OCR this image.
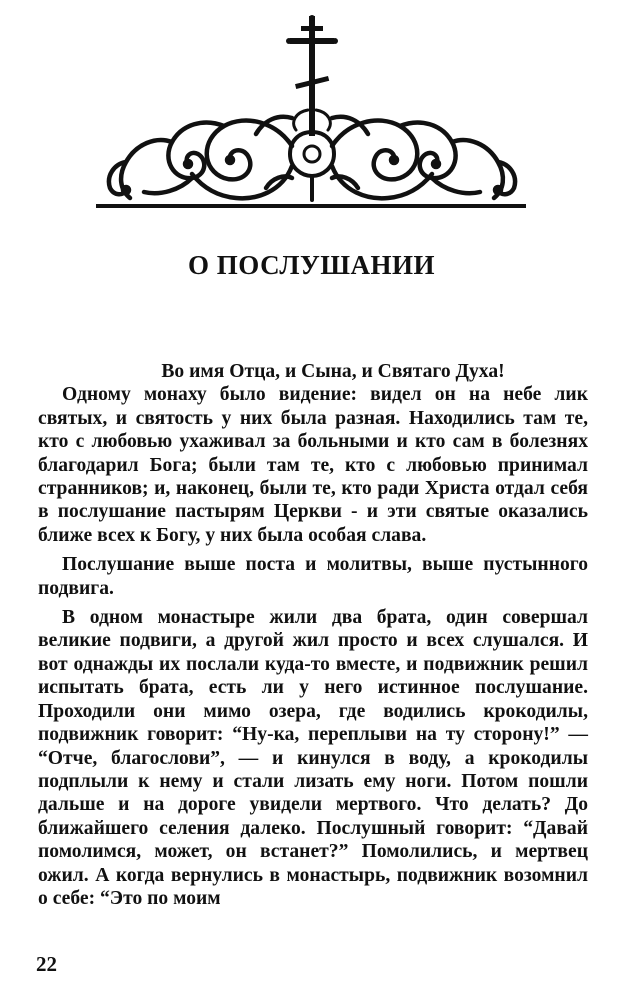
О ПОСЛУШАНИИ

Во имя Отца, и Сына, и Святаго Духа!

Одному монаху было видение: видел он на небе лик святых, и святость у них была разная. Находились там те, кто с любовью ухаживал за больными и кто сам в болезнях благодарил Бога; были там те, кто с любовью принимал странников; и, наконец, были те, кто ради Христа отдал себя в послушание пастырям Церкви - и эти святые оказались ближе всех к Богу, у них была особая слава.

Послушание выше поста и молитвы, выше пустынного подвига.

В одном монастыре жили два брата, один совершал великие подвиги, а другой жил просто и всех слушался. И вот однажды их послали куда-то вместе, и подвижник решил испытать брата, есть ли у него истинное послушание. Проходили они мимо озера, где водились крокодилы, подвижник говорит: “Ну-ка, переплыви на ту сторону!” — “Отче, благослови”, — и кинулся в воду, а крокодилы подплыли к нему и стали лизать ему ноги. Потом пошли дальше и на дороге увидели мертвого. Что делать? До ближайшего селения далеко. Послушный говорит: “Давай помолимся, может, он встанет?” Помолились, и мертвец ожил. А когда вернулись в монастырь, подвижник возомнил о себе: “Это по моим

22
